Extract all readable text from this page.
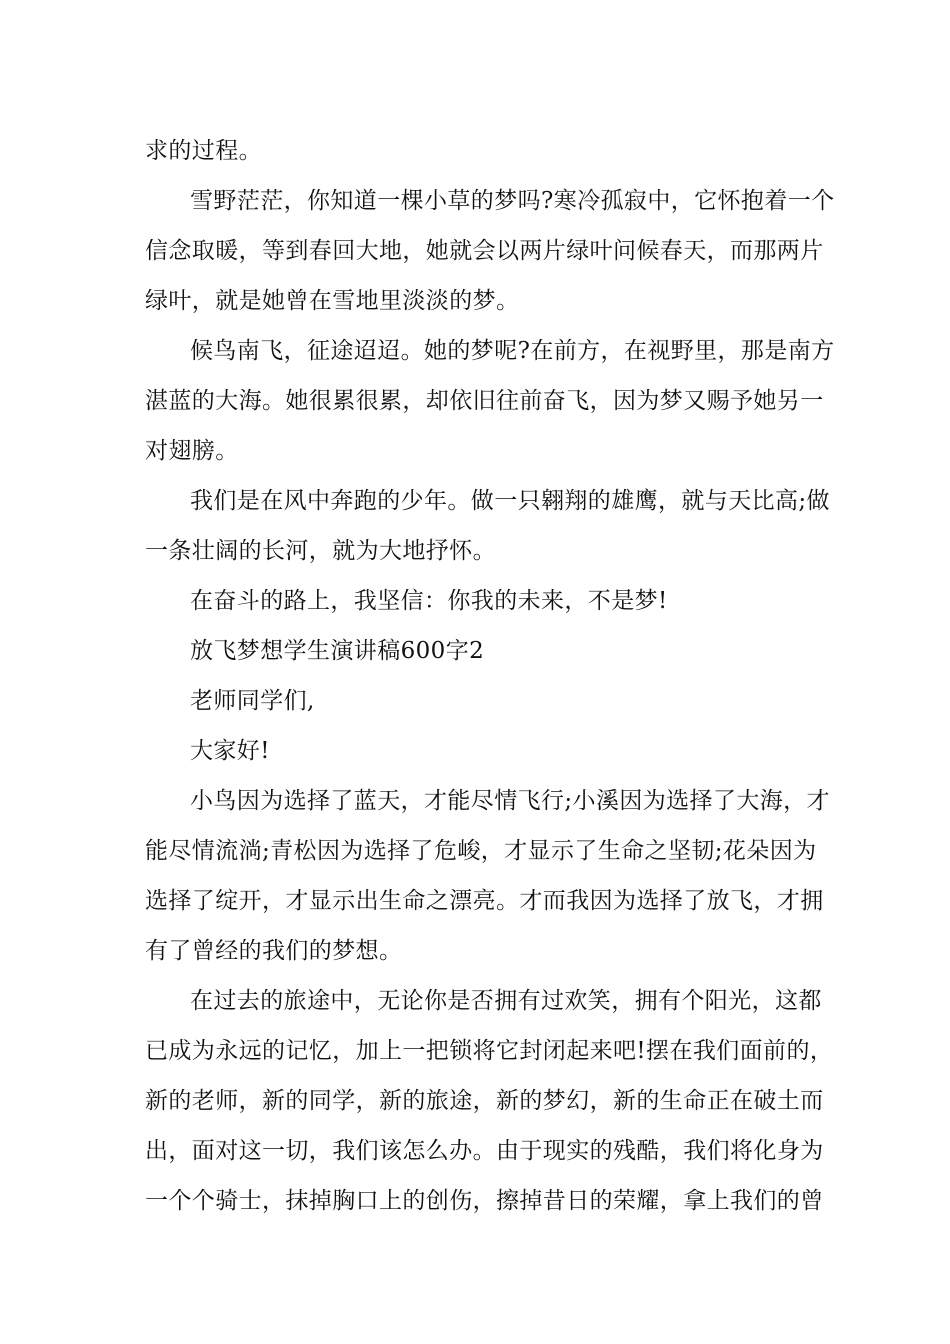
求的过程。
雪野茫茫，你知道一棵小草的梦吗?寒冷孤寂中，它怀抱着一个
信念取暖，等到春回大地，她就会以两片绿叶问候春天，而那两片
绿叶，就是她曾在雪地里淡淡的梦。
候鸟南飞，征途迢迢。她的梦呢?在前方，在视野里，那是南方
湛蓝的大海。她很累很累，却依旧往前奋飞，因为梦又赐予她另一
对翅膀。
我们是在风中奔跑的少年。做一只翱翔的雄鹰，就与天比高;做
一条壮阔的长河，就为大地抒怀。
在奋斗的路上，我坚信：你我的未来，不是梦!
放飞梦想学生演讲稿600字2
老师同学们,
大家好!
小鸟因为选择了蓝天，才能尽情飞行;小溪因为选择了大海，才
能尽情流淌;青松因为选择了危峻，才显示了生命之坚韧;花朵因为
选择了绽开，才显示出生命之漂亮。才而我因为选择了放飞，才拥
有了曾经的我们的梦想。
在过去的旅途中，无论你是否拥有过欢笑，拥有个阳光，这都
已成为永远的记忆，加上一把锁将它封闭起来吧!摆在我们面前的，
新的老师，新的同学，新的旅途，新的梦幻，新的生命正在破土而
出，面对这一切，我们该怎么办。由于现实的残酷，我们将化身为
一个个骑士，抹掉胸口上的创伤，擦掉昔日的荣耀，拿上我们的曾
